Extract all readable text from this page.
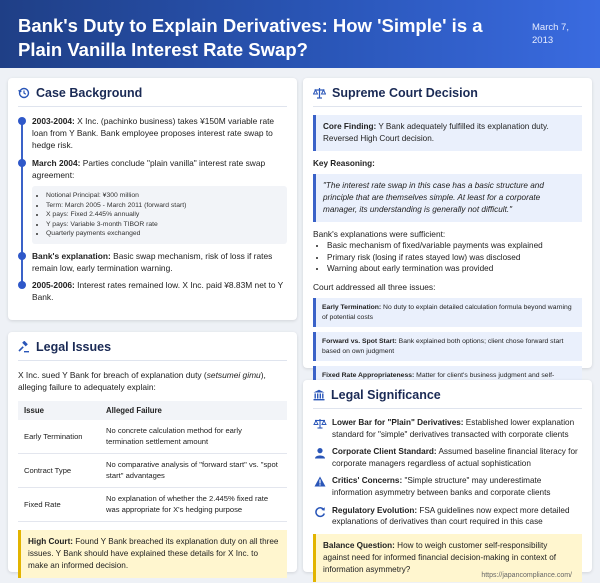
Bank's Duty to Explain Derivatives: How 'Simple' is a Plain Vanilla Interest Rate Swap?
March 7, 2013
Case Background
2003-2004: X Inc. (pachinko business) takes ¥150M variable rate loan from Y Bank. Bank employee proposes interest rate swap to hedge risk.
March 2004: Parties conclude "plain vanilla" interest rate swap agreement:
• Notional Principal: ¥300 million
• Term: March 2005 - March 2011 (forward start)
• X pays: Fixed 2.445% annually
• Y pays: Variable 3-month TIBOR rate
• Quarterly payments exchanged
Bank's explanation: Basic swap mechanism, risk of loss if rates remain low, early termination warning.
2005-2006: Interest rates remained low. X Inc. paid ¥8.83M net to Y Bank.
Legal Issues
X Inc. sued Y Bank for breach of explanation duty (setsumei gimu), alleging failure to adequately explain:
Issue	Alleged Failure
Early Termination	No concrete calculation method for early termination settlement amount
Contract Type	No comparative analysis of "forward start" vs. "spot start" advantages
Fixed Rate	No explanation of whether the 2.445% fixed rate was appropriate for X's hedging purpose
High Court: Found Y Bank breached its explanation duty on all three issues. Y Bank should have explained these details for X Inc. to make an informed decision.
Supreme Court Decision
Core Finding: Y Bank adequately fulfilled its explanation duty. Reversed High Court decision.
Key Reasoning:
"The interest rate swap in this case has a basic structure and principle that are themselves simple. At least for a corporate manager, its understanding is generally not difficult."
Bank's explanations were sufficient:
• Basic mechanism of fixed/variable payments was explained
• Primary risk (losing if rates stayed low) was disclosed
• Warning about early termination was provided
Court addressed all three issues:
Early Termination: No duty to explain detailed calculation formula beyond warning of potential costs
Forward vs. Spot Start: Bank explained both options; client chose forward start based on own judgment
Fixed Rate Appropriateness: Matter for client's business judgment and self-
Legal Significance
Lower Bar for "Plain" Derivatives: Established lower explanation standard for "simple" derivatives transacted with corporate clients
Corporate Client Standard: Assumed baseline financial literacy for corporate managers regardless of actual sophistication
Critics' Concerns: "Simple structure" may underestimate information asymmetry between banks and corporate clients
Regulatory Evolution: FSA guidelines now expect more detailed explanations of derivatives than court required in this case
Balance Question: How to weigh customer self-responsibility against need for informed financial decision-making in context of information asymmetry?
https://japancompliance.com/
